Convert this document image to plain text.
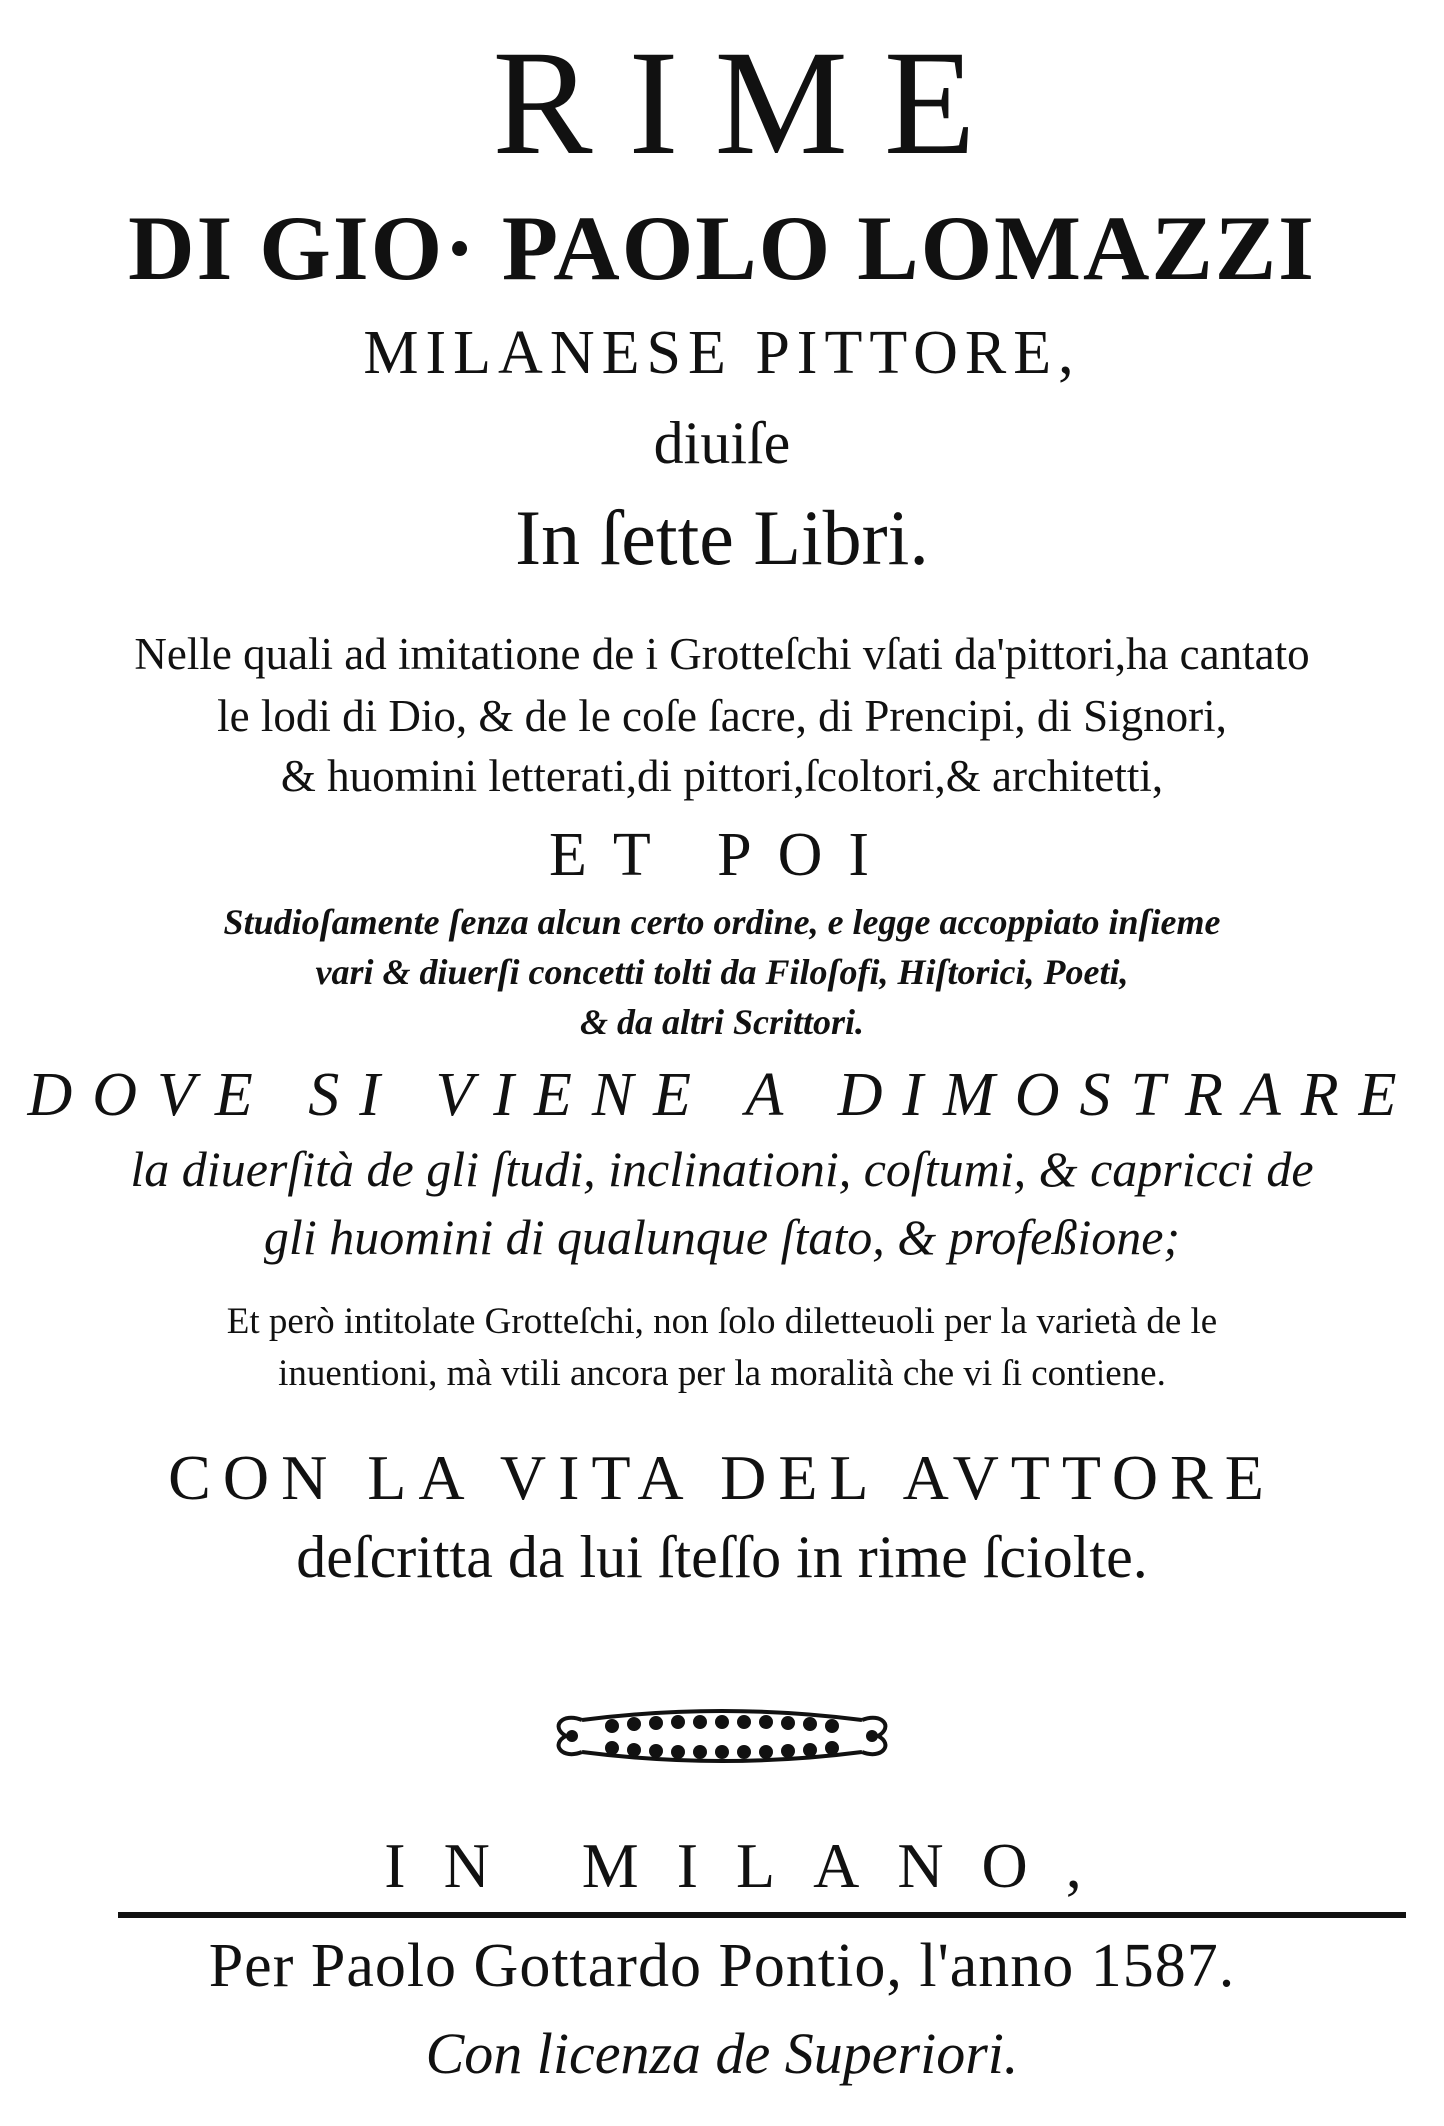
RIME
DI GIO· PAOLO LOMAZZI
MILANESE PITTORE,
diuiſe
In ſette Libri.
Nelle quali ad imitatione de i Grotteſchi vſati da'pittori,ha cantato
le lodi di Dio, & de le coſe ſacre, di Prencipi, di Signori,
& huomini letterati,di pittori,ſcoltori,& architetti,
ET POI
Studioſamente ſenza alcun certo ordine, e legge accoppiato inſieme
vari & diuerſi concetti tolti da Filoſofi, Hiſtorici, Poeti,
& da altri Scrittori.
DOVE SI VIENE A DIMOSTRARE
la diuerſità de gli ſtudi, inclinationi, coſtumi, & capricci de
gli huomini di qualunque ſtato, & profeßione;
Et però intitolate Grotteſchi, non ſolo diletteuoli per la varietà de le
inuentioni, mà vtili ancora per la moralità che vi ſi contiene.
CON LA VITA DEL AVTTORE
deſcritta da lui ſteſſo in rime ſciolte.
IN MILANO,
Per Paolo Gottardo Pontio, l'anno 1587.
Con licenza de Superiori.
